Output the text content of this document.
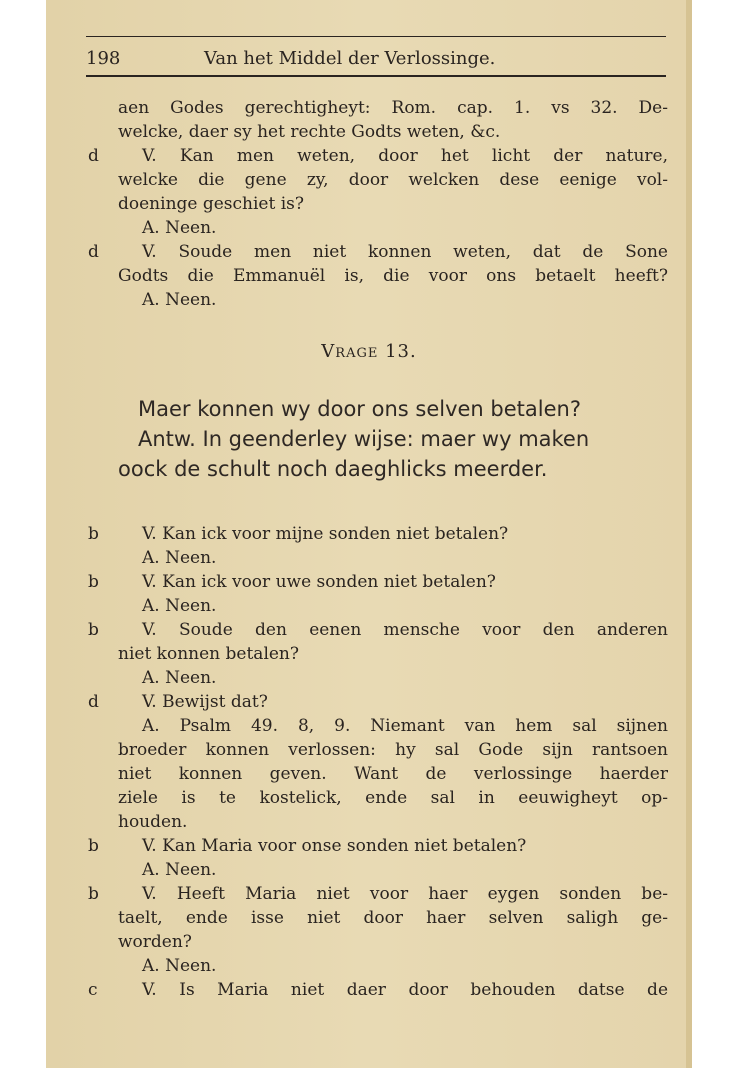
198	Van het Middel der Verlossinge.
aen Godes gerechtigheyt: Rom. cap. 1. vs 32. De-
welcke, daer sy het rechte Godts weten, &c.
d	V. Kan men weten, door het licht der nature,
welcke die gene zy, door welcken dese eenige vol-
doeninge geschiet is?
A. Neen.
d	V. Soude men niet konnen weten, dat de Sone
Godts die Emmanuël is, die voor ons betaelt heeft?
A. Neen.
Vrage 13.
Maer konnen wy door ons selven betalen?
Antw. In geenderley wijse: maer wy maken
oock de schult noch daeghlicks meerder.
b	V. Kan ick voor mijne sonden niet betalen?
A. Neen.
b	V. Kan ick voor uwe sonden niet betalen?
A. Neen.
b	V. Soude den eenen mensche voor den anderen
niet konnen betalen?
A. Neen.
d	V. Bewijst dat?
A. Psalm 49. 8, 9. Niemant van hem sal sijnen
broeder konnen verlossen: hy sal Gode sijn rantsoen
niet konnen geven. Want de verlossinge haerder
ziele is te kostelick, ende sal in eeuwigheyt op-
houden.
b	V. Kan Maria voor onse sonden niet betalen?
A. Neen.
b	V. Heeft Maria niet voor haer eygen sonden be-
taelt, ende isse niet door haer selven saligh ge-
worden?
A. Neen.
c	V. Is Maria niet daer door behouden datse de
